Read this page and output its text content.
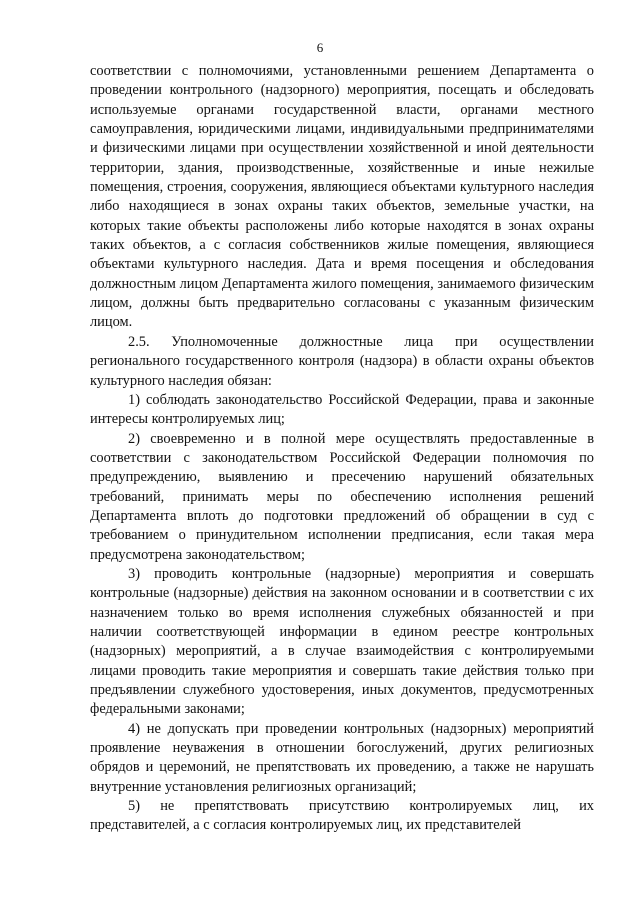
6

соответствии с полномочиями, установленными решением Департамента о проведении контрольного (надзорного) мероприятия, посещать и обследовать используемые органами государственной власти, органами местного самоуправления, юридическими лицами, индивидуальными предпринимателями и физическими лицами при осуществлении хозяйственной и иной деятельности территории, здания, производственные, хозяйственные и иные нежилые помещения, строения, сооружения, являющиеся объектами культурного наследия либо находящиеся в зонах охраны таких объектов, земельные участки, на которых такие объекты расположены либо которые находятся в зонах охраны таких объектов, а с согласия собственников жилые помещения, являющиеся объектами культурного наследия. Дата и время посещения и обследования должностным лицом Департамента жилого помещения, занимаемого физическим лицом, должны быть предварительно согласованы с указанным физическим лицом.

2.5. Уполномоченные должностные лица при осуществлении регионального государственного контроля (надзора) в области охраны объектов культурного наследия обязан:

1) соблюдать законодательство Российской Федерации, права и законные интересы контролируемых лиц;

2) своевременно и в полной мере осуществлять предоставленные в соответствии с законодательством Российской Федерации полномочия по предупреждению, выявлению и пресечению нарушений обязательных требований, принимать меры по обеспечению исполнения решений Департамента вплоть до подготовки предложений об обращении в суд с требованием о принудительном исполнении предписания, если такая мера предусмотрена законодательством;

3) проводить контрольные (надзорные) мероприятия и совершать контрольные (надзорные) действия на законном основании и в соответствии с их назначением только во время исполнения служебных обязанностей и при наличии соответствующей информации в едином реестре контрольных (надзорных) мероприятий, а в случае взаимодействия с контролируемыми лицами проводить такие мероприятия и совершать такие действия только при предъявлении служебного удостоверения, иных документов, предусмотренных федеральными законами;

4) не допускать при проведении контрольных (надзорных) мероприятий проявление неуважения в отношении богослужений, других религиозных обрядов и церемоний, не препятствовать их проведению, а также не нарушать внутренние установления религиозных организаций;

5) не препятствовать присутствию контролируемых лиц, их представителей, а с согласия контролируемых лиц, их представителей
